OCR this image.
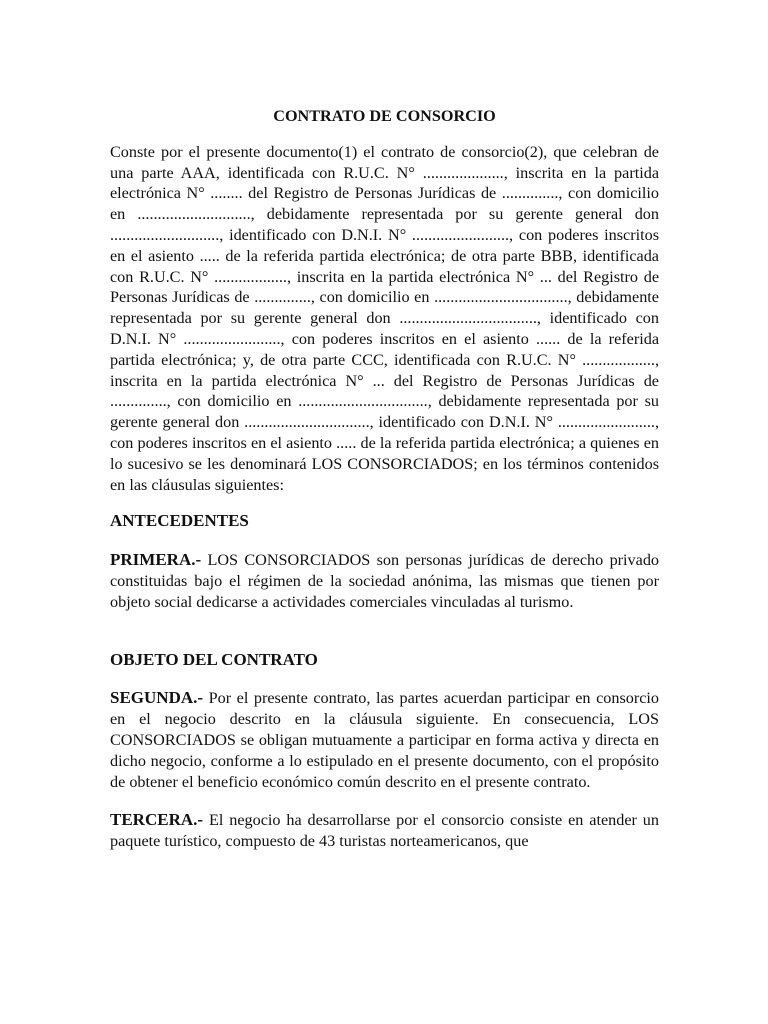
CONTRATO DE CONSORCIO

Conste por el presente documento(1) el contrato de consorcio(2), que celebran de una parte AAA, identificada con R.U.C. N° ...................., inscrita en la partida electrónica N° ........ del Registro de Personas Jurídicas de .............., con domicilio en ............................, debidamente representada por su gerente general don ..........................., identificado con D.N.I. N° ........................, con poderes inscritos en el asiento ..... de la referida partida electrónica; de otra parte BBB, identificada con R.U.C. N° .................., inscrita en la partida electrónica N° ... del Registro de Personas Jurídicas de .............., con domicilio en ................................., debidamente representada por su gerente general don .................................., identificado con D.N.I. N° ........................, con poderes inscritos en el asiento ...... de la referida partida electrónica; y, de otra parte CCC, identificada con R.U.C. N° .................., inscrita en la partida electrónica N° ... del Registro de Personas Jurídicas de .............., con domicilio en ................................, debidamente representada por su gerente general don ..............................., identificado con D.N.I. N° ........................, con poderes inscritos en el asiento ..... de la referida partida electrónica; a quienes en lo sucesivo se les denominará LOS CONSORCIADOS; en los términos contenidos en las cláusulas siguientes:

ANTECEDENTES

PRIMERA.- LOS CONSORCIADOS son personas jurídicas de derecho privado constituidas bajo el régimen de la sociedad anónima, las mismas que tienen por objeto social dedicarse a actividades comerciales vinculadas al turismo.

OBJETO DEL CONTRATO

SEGUNDA.- Por el presente contrato, las partes acuerdan participar en consorcio en el negocio descrito en la cláusula siguiente. En consecuencia, LOS CONSORCIADOS se obligan mutuamente a participar en forma activa y directa en dicho negocio, conforme a lo estipulado en el presente documento, con el propósito de obtener el beneficio económico común descrito en el presente contrato.

TERCERA.- El negocio ha desarrollarse por el consorcio consiste en atender un paquete turístico, compuesto de 43 turistas norteamericanos, que
